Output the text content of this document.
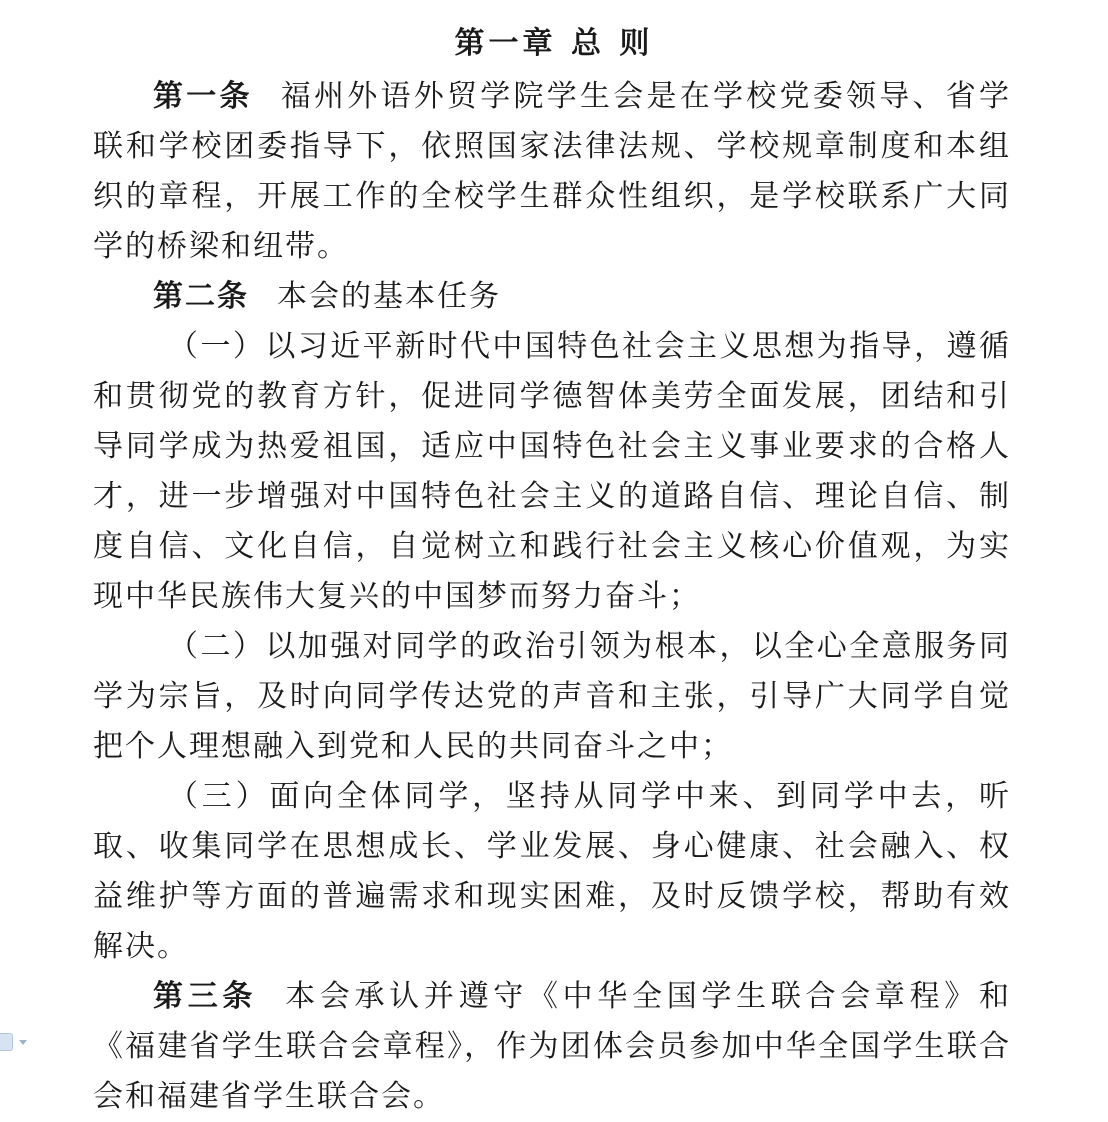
第一章 总 则

第一条 福州外语外贸学院学生会是在学校党委领导、省学联和学校团委指导下，依照国家法律法规、学校规章制度和本组织的章程，开展工作的全校学生群众性组织，是学校联系广大同学的桥梁和纽带。

第二条 本会的基本任务

（一）以习近平新时代中国特色社会主义思想为指导，遵循和贯彻党的教育方针，促进同学德智体美劳全面发展，团结和引导同学成为热爱祖国，适应中国特色社会主义事业要求的合格人才，进一步增强对中国特色社会主义的道路自信、理论自信、制度自信、文化自信，自觉树立和践行社会主义核心价值观，为实现中华民族伟大复兴的中国梦而努力奋斗；

（二）以加强对同学的政治引领为根本，以全心全意服务同学为宗旨，及时向同学传达党的声音和主张，引导广大同学自觉把个人理想融入到党和人民的共同奋斗之中；

（三）面向全体同学，坚持从同学中来、到同学中去，听取、收集同学在思想成长、学业发展、身心健康、社会融入、权益维护等方面的普遍需求和现实困难，及时反馈学校，帮助有效解决。

第三条 本会承认并遵守《中华全国学生联合会章程》和《福建省学生联合会章程》，作为团体会员参加中华全国学生联合会和福建省学生联合会。
